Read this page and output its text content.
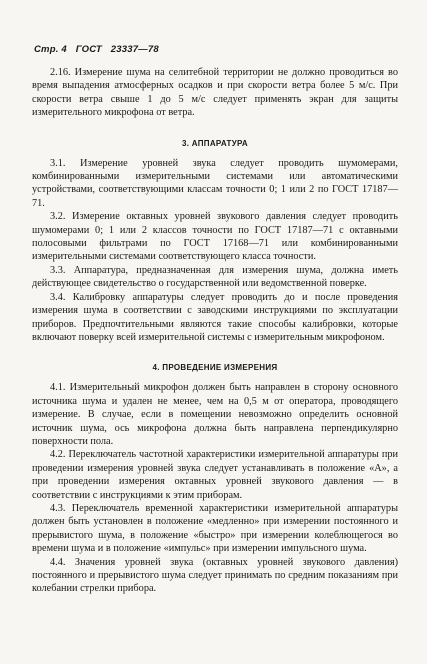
Стр. 4 ГОСТ 23337—78

2.16. Измерение шума на селитебной территории не должно проводиться во время выпадения атмосферных осадков и при скорости ветра более 5 м/с. При скорости ветра свыше 1 до 5 м/с следует применять экран для защиты измерительного микрофона от ветра.

3. АППАРАТУРА

3.1. Измерение уровней звука следует проводить шумомерами, комбинированными измерительными системами или автоматическими устройствами, соответствующими классам точности 0; 1 или 2 по ГОСТ 17187—71.

3.2. Измерение октавных уровней звукового давления следует проводить шумомерами 0; 1 или 2 классов точности по ГОСТ 17187—71 с октавными полосовыми фильтрами по ГОСТ 17168—71 или комбинированными измерительными системами соответствующего класса точности.

3.3. Аппаратура, предназначенная для измерения шума, должна иметь действующее свидетельство о государственной или ведомственной поверке.

3.4. Калибровку аппаратуры следует проводить до и после проведения измерения шума в соответствии с заводскими инструкциями по эксплуатации приборов. Предпочтительными являются такие способы калибровки, которые включают поверку всей измерительной системы с измерительным микрофоном.

4. ПРОВЕДЕНИЕ ИЗМЕРЕНИЯ

4.1. Измерительный микрофон должен быть направлен в сторону основного источника шума и удален не менее, чем на 0,5 м от оператора, проводящего измерение. В случае, если в помещении невозможно определить основной источник шума, ось микрофона должна быть направлена перпендикулярно поверхности пола.

4.2. Переключатель частотной характеристики измерительной аппаратуры при проведении измерения уровней звука следует устанавливать в положение «А», а при проведении измерения октавных уровней звукового давления — в соответствии с инструкциями к этим приборам.

4.3. Переключатель временной характеристики измерительной аппаратуры должен быть установлен в положение «медленно» при измерении постоянного и прерывистого шума, в положение «быстро» при измерении колеблющегося во времени шума и в положение «импульс» при измерении импульсного шума.

4.4. Значения уровней звука (октавных уровней звукового давления) постоянного и прерывистого шума следует принимать по средним показаниям при колебании стрелки прибора.
